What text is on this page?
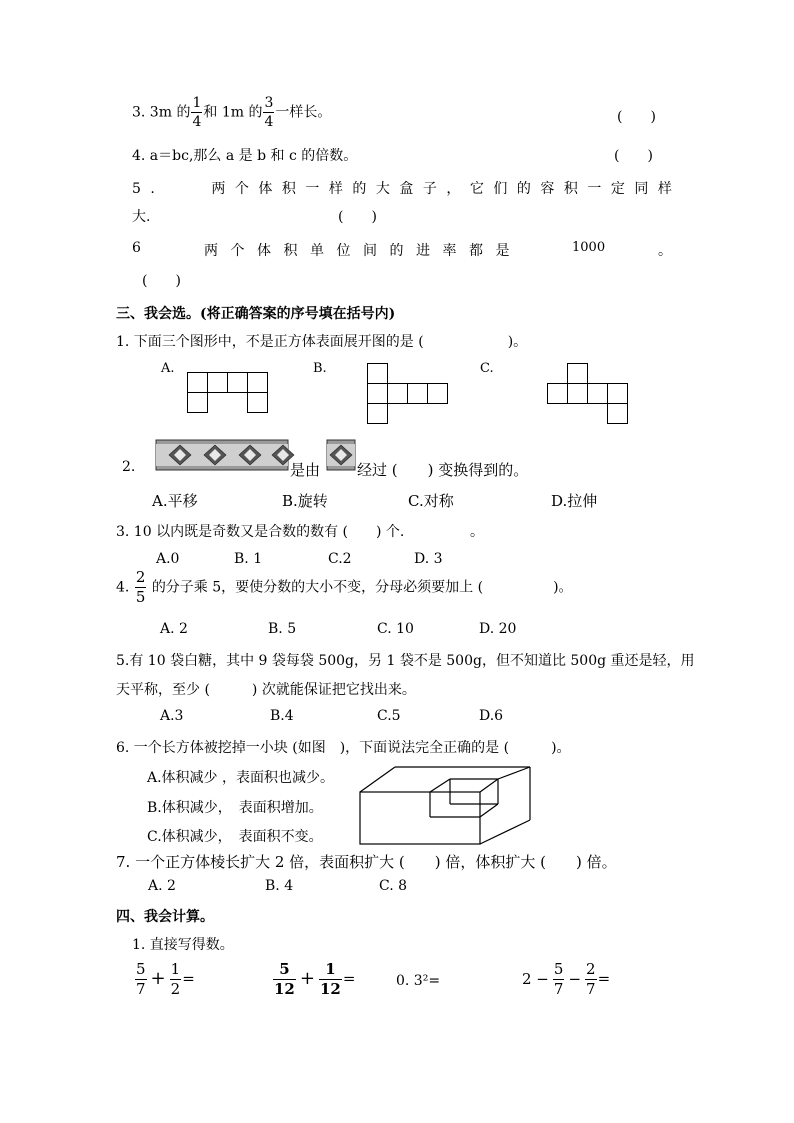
3. 3m 的 $\frac{1}{4}$ 和 1m 的 $\frac{3}{4}$ 一样长。	(　　)
4. a＝bc,那么 a 是 b 和 c 的倍数。	(　　)
5.　　两个体积一样的大盒子，它们的容积一定同样
大.	(　　)
6	两个体积单位间的进率都是	1000	。
(　　)
三、我会选。(将正确答案的序号填在括号内)
1. 下面三个图形中，不是正方体表面展开图的是 (　　　　　　)。
A.	B.	C.
2.	是由 经过 (　　) 变换得到的。
A.平移	B.旋转	C.对称	D.拉伸
3. 10 以内既是奇数又是合数的数有 (　　) 个.	。
A.0	B. 1	C.2	D. 3
4. $\frac{2}{5}$ 的分子乘 5，要使分数的大小不变，分母必须要加上 (　　　　　)。
A. 2	B. 5	C. 10	D. 20
5.有 10 袋白糖，其中 9 袋每袋 500g，另 1 袋不是 500g，但不知道比 500g 重还是轻，用
天平称，至少 (　　　) 次就能保证把它找出来。
A.3	B.4	C.5	D.6
6. 一个长方体被挖掉一小块 (如图　)，下面说法完全正确的是 (　　　)。
A.体积减少 ，表面积也减少。
B.体积减少，　表面积增加。
C.体积减少，　表面积不变。
7. 一个正方体棱长扩大 2 倍，表面积扩大 (　　) 倍，体积扩大 (　　) 倍。
A. 2	B. 4	C. 8
四、我会计算。
1. 直接写得数。
$\frac{5}{7} + \frac{1}{2}$ =	$\frac{5}{12} + \frac{1}{12}$ =	0. 3²=	$2 - \frac{5}{7} - \frac{2}{7}$ =
